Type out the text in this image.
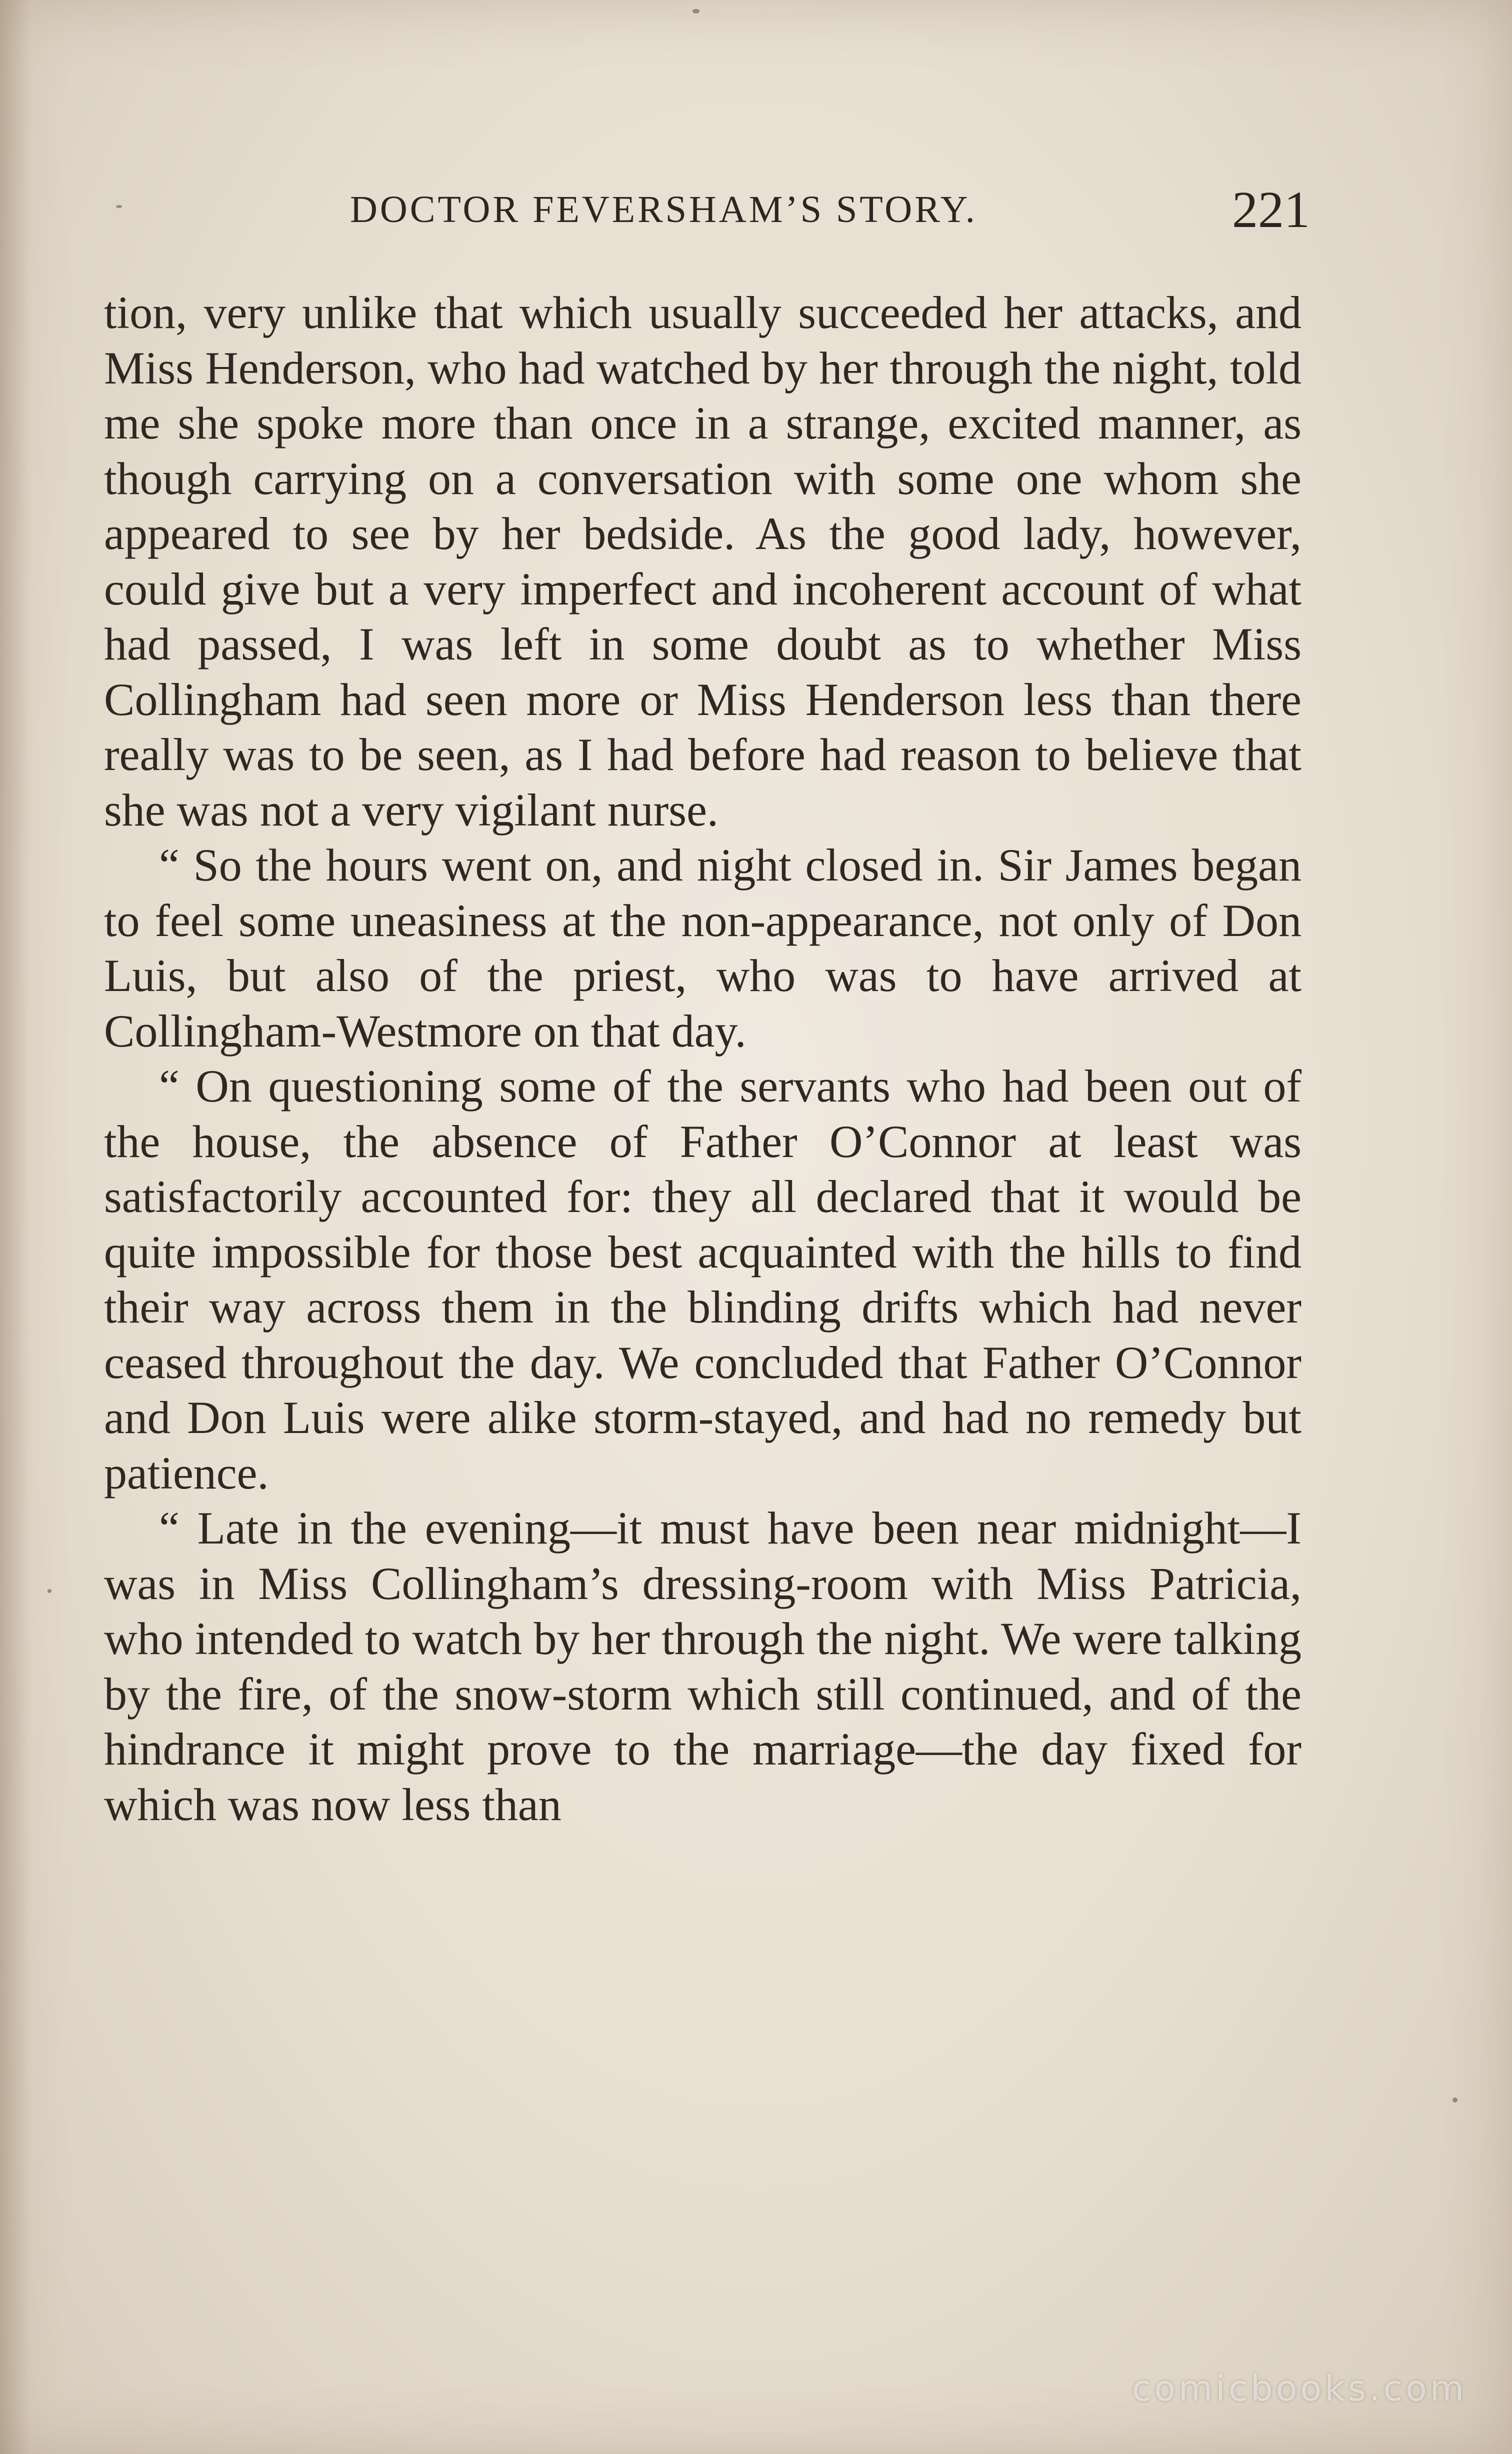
DOCTOR FEVERSHAM’S STORY.	221

tion, very unlike that which usually succeeded her attacks, and Miss Henderson, who had watched by her through the night, told me she spoke more than once in a strange, excited manner, as though carrying on a conversation with some one whom she appeared to see by her bedside. As the good lady, however, could give but a very imperfect and incoherent account of what had passed, I was left in some doubt as to whether Miss Collingham had seen more or Miss Henderson less than there really was to be seen, as I had before had reason to believe that she was not a very vigilant nurse.

“ So the hours went on, and night closed in. Sir James began to feel some uneasiness at the non-appearance, not only of Don Luis, but also of the priest, who was to have arrived at Collingham-Westmore on that day.

“ On questioning some of the servants who had been out of the house, the absence of Father O’Connor at least was satisfactorily accounted for: they all declared that it would be quite impossible for those best acquainted with the hills to find their way across them in the blinding drifts which had never ceased throughout the day. We concluded that Father O’Connor and Don Luis were alike storm-stayed, and had no remedy but patience.

“ Late in the evening—it must have been near midnight—I was in Miss Collingham’s dressing-room with Miss Patricia, who intended to watch by her through the night. We were talking by the fire, of the snow-storm which still continued, and of the hindrance it might prove to the marriage—the day fixed for which was now less than

comicbooks.com
